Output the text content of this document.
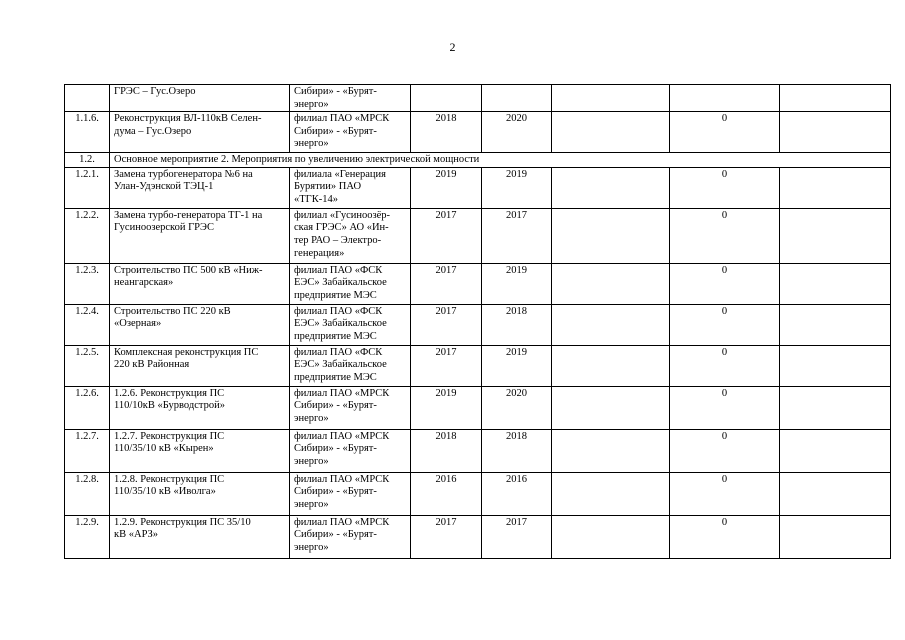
2

	ГРЭС – Гус.Озеро	Сибири» - «Бурят-
энерго»					

1.1.6.	Реконструкция ВЛ-110кВ Селен-
дума – Гус.Озеро	филиал ПАО «МРСК
Сибири» - «Бурят-
энерго»	2018	2020		0	
1.2.	Основное мероприятие 2. Мероприятия по увеличению электрической мощности						
1.2.1.	Замена турбогенератора №6 на
Улан-Удэнской ТЭЦ-1	филиала «Генерация
Бурятии» ПАО
«ТГК-14»	2019	2019		0	
1.2.2.	Замена турбо-генератора ТГ-1 на
Гусиноозерской ГРЭС	филиал «Гусиноозёр-
ская ГРЭС» АО «Ин-
тер РАО – Электро-
генерация»	2017	2017		0	
1.2.3.	Строительство ПС 500 кВ «Ниж-
неангарская»	филиал ПАО «ФСК
ЕЭС» Забайкальское
предприятие МЭС	2017	2019		0	
1.2.4.	Строительство ПС 220 кВ
«Озерная»	филиал ПАО «ФСК
ЕЭС» Забайкальское
предприятие МЭС	2017	2018		0	
1.2.5.	Комплексная реконструкция ПС
220 кВ Районная	филиал ПАО «ФСК
ЕЭС» Забайкальское
предприятие МЭС	2017	2019		0	
1.2.6.	1.2.6. Реконструкция ПС
110/10кВ «Бурводстрой»	филиал ПАО «МРСК
Сибири» - «Бурят-
энерго»	2019	2020		0	
1.2.7.	1.2.7. Реконструкция ПС
110/35/10 кВ «Кырен»	филиал ПАО «МРСК
Сибири» - «Бурят-
энерго»	2018	2018		0	
1.2.8.	1.2.8. Реконструкция ПС
110/35/10 кВ «Иволга»	филиал ПАО «МРСК
Сибири» - «Бурят-
энерго»	2016	2016		0	
1.2.9.	1.2.9. Реконструкция ПС 35/10
кВ «АРЗ»	филиал ПАО «МРСК
Сибири» - «Бурят-
энерго»	2017	2017		0	
